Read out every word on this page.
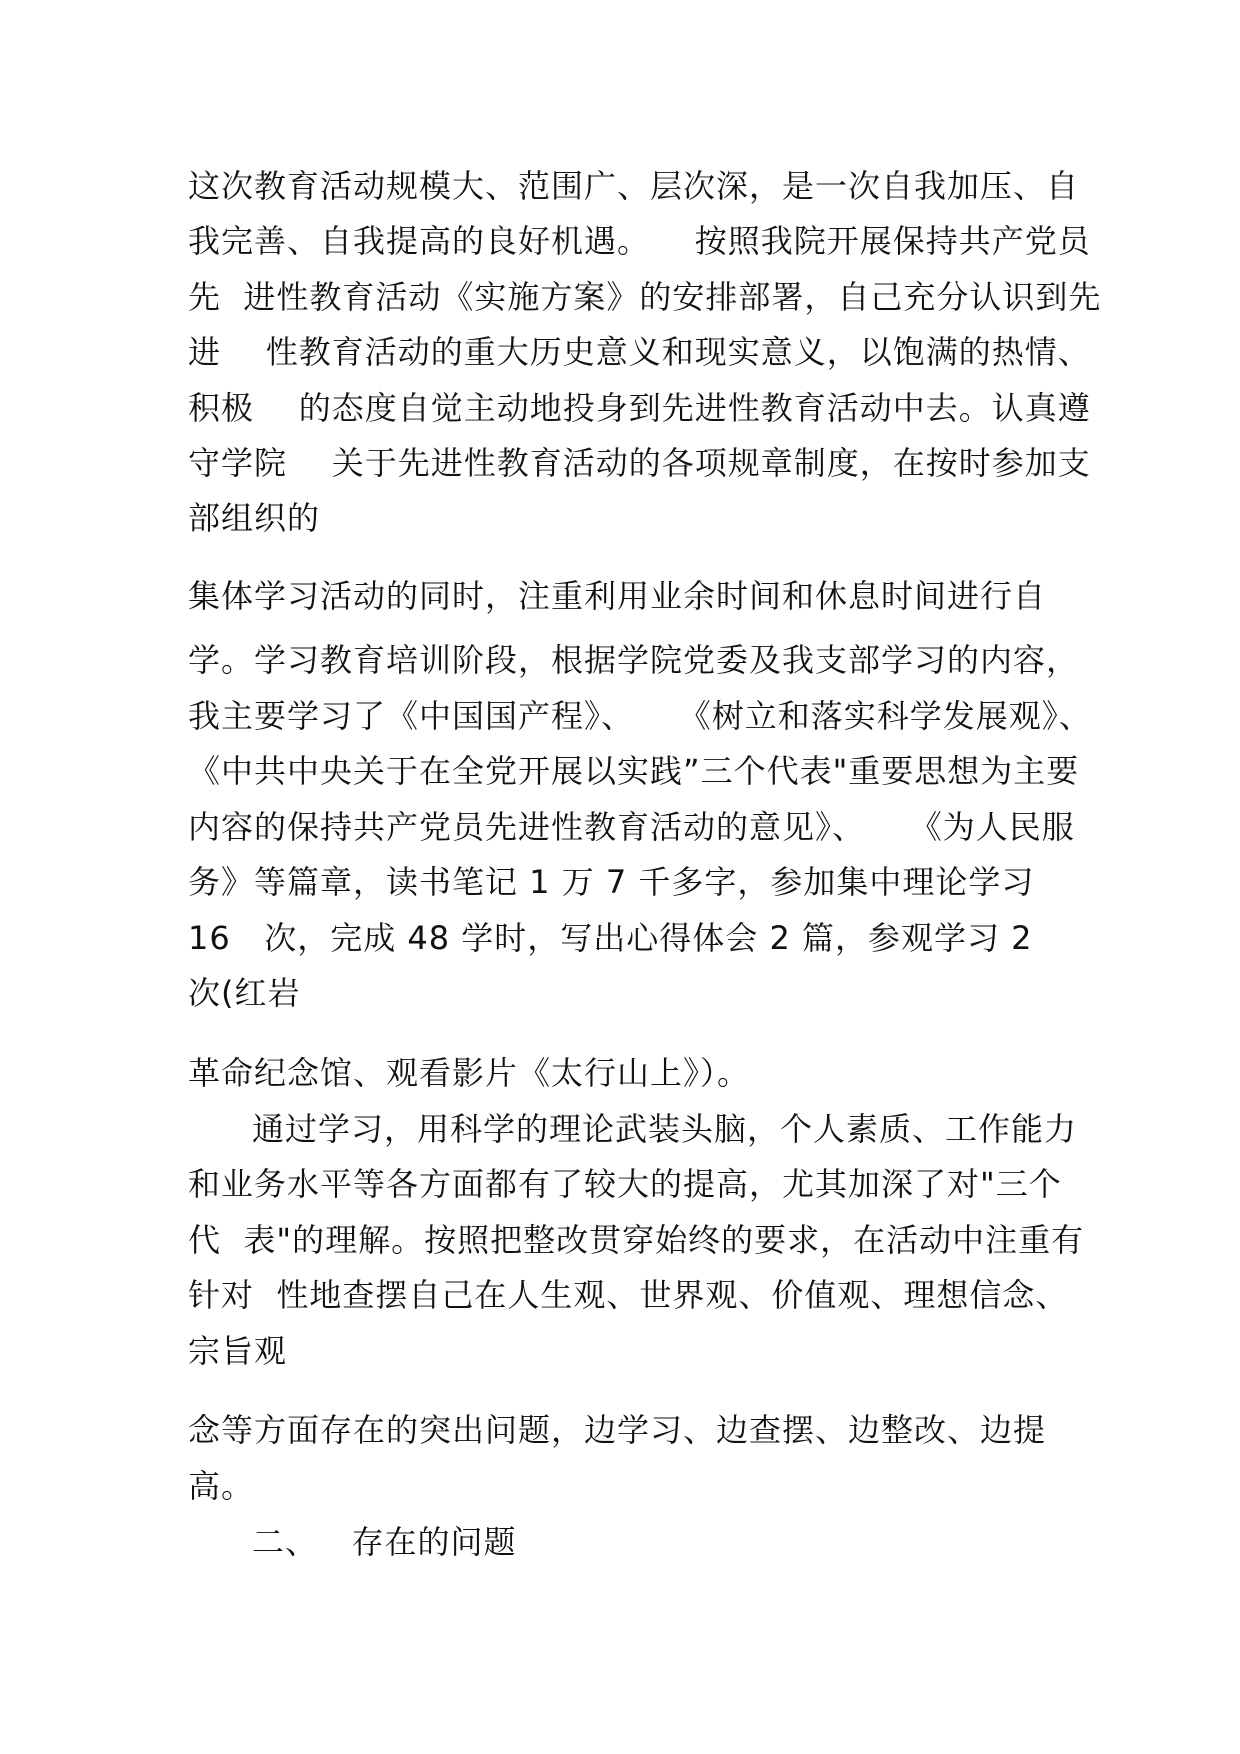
这次教育活动规模大、范围广、层次深，是一次自我加压、自
我完善、自我提高的良好机遇。    按照我院开展保持共产党员
先  进性教育活动《实施方案》的安排部署，自己充分认识到先
进    性教育活动的重大历史意义和现实意义，以饱满的热情、
积极    的态度自觉主动地投身到先进性教育活动中去。认真遵
守学院    关于先进性教育活动的各项规章制度，在按时参加支
部组织的
集体学习活动的同时，注重利用业余时间和休息时间进行自
学。学习教育培训阶段，根据学院党委及我支部学习的内容，
我主要学习了《中国国产程》、    《树立和落实科学发展观》、
《中共中央关于在全党开展以实践”三个代表"重要思想为主要
内容的保持共产党员先进性教育活动的意见》、    《为人民服
务》等篇章，读书笔记 1 万 7 千多字，参加集中理论学习
16   次，完成 48 学时，写出心得体会 2 篇，参观学习 2
次(红岩
革命纪念馆、观看影片《太行山上》）。
通过学习，用科学的理论武装头脑，个人素质、工作能力
和业务水平等各方面都有了较大的提高，尤其加深了对"三个
代  表"的理解。按照把整改贯穿始终的要求，在活动中注重有
针对  性地查摆自己在人生观、世界观、价值观、理想信念、
宗旨观
念等方面存在的突出问题，边学习、边查摆、边整改、边提
高。
二、   存在的问题
